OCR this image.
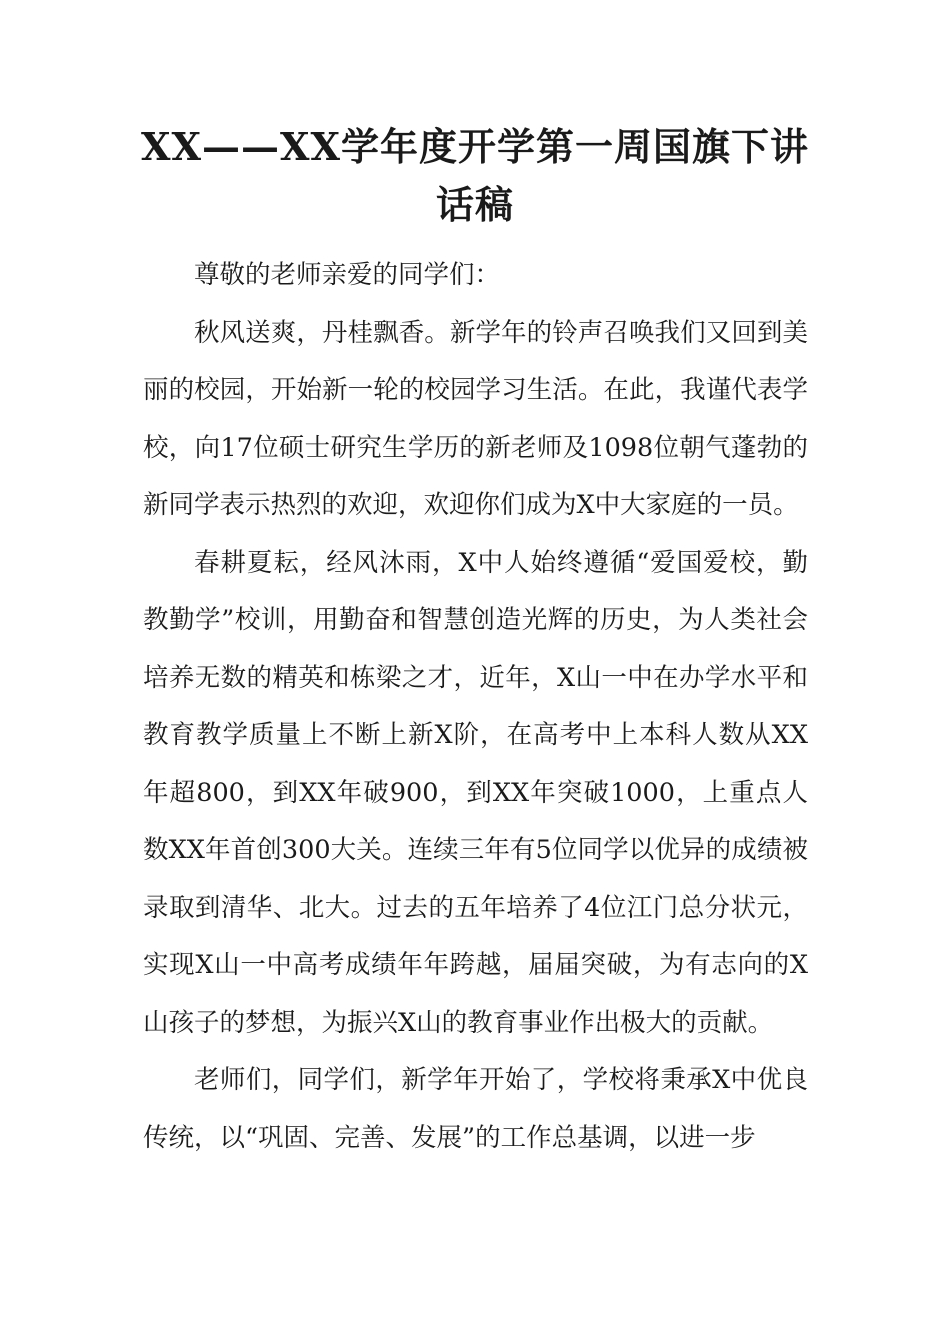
XX——XX学年度开学第一周国旗下讲话稿

尊敬的老师亲爱的同学们：

秋风送爽，丹桂飘香。新学年的铃声召唤我们又回到美丽的校园，开始新一轮的校园学习生活。在此，我谨代表学校，向17位硕士研究生学历的新老师及1098位朝气蓬勃的新同学表示热烈的欢迎，欢迎你们成为X中大家庭的一员。

春耕夏耘，经风沐雨，X中人始终遵循“爱国爱校，勤教勤学”校训，用勤奋和智慧创造光辉的历史，为人类社会培养无数的精英和栋梁之才，近年，X山一中在办学水平和教育教学质量上不断上新X阶，在高考中上本科人数从XX年超800，到XX年破900，到XX年突破1000，上重点人数XX年首创300大关。连续三年有5位同学以优异的成绩被录取到清华、北大。过去的五年培养了4位江门总分状元，实现X山一中高考成绩年年跨越，届届突破，为有志向的X山孩子的梦想，为振兴X山的教育事业作出极大的贡献。

老师们，同学们，新学年开始了，学校将秉承X中优良传统，以“巩固、完善、发展”的工作总基调，以进一步
